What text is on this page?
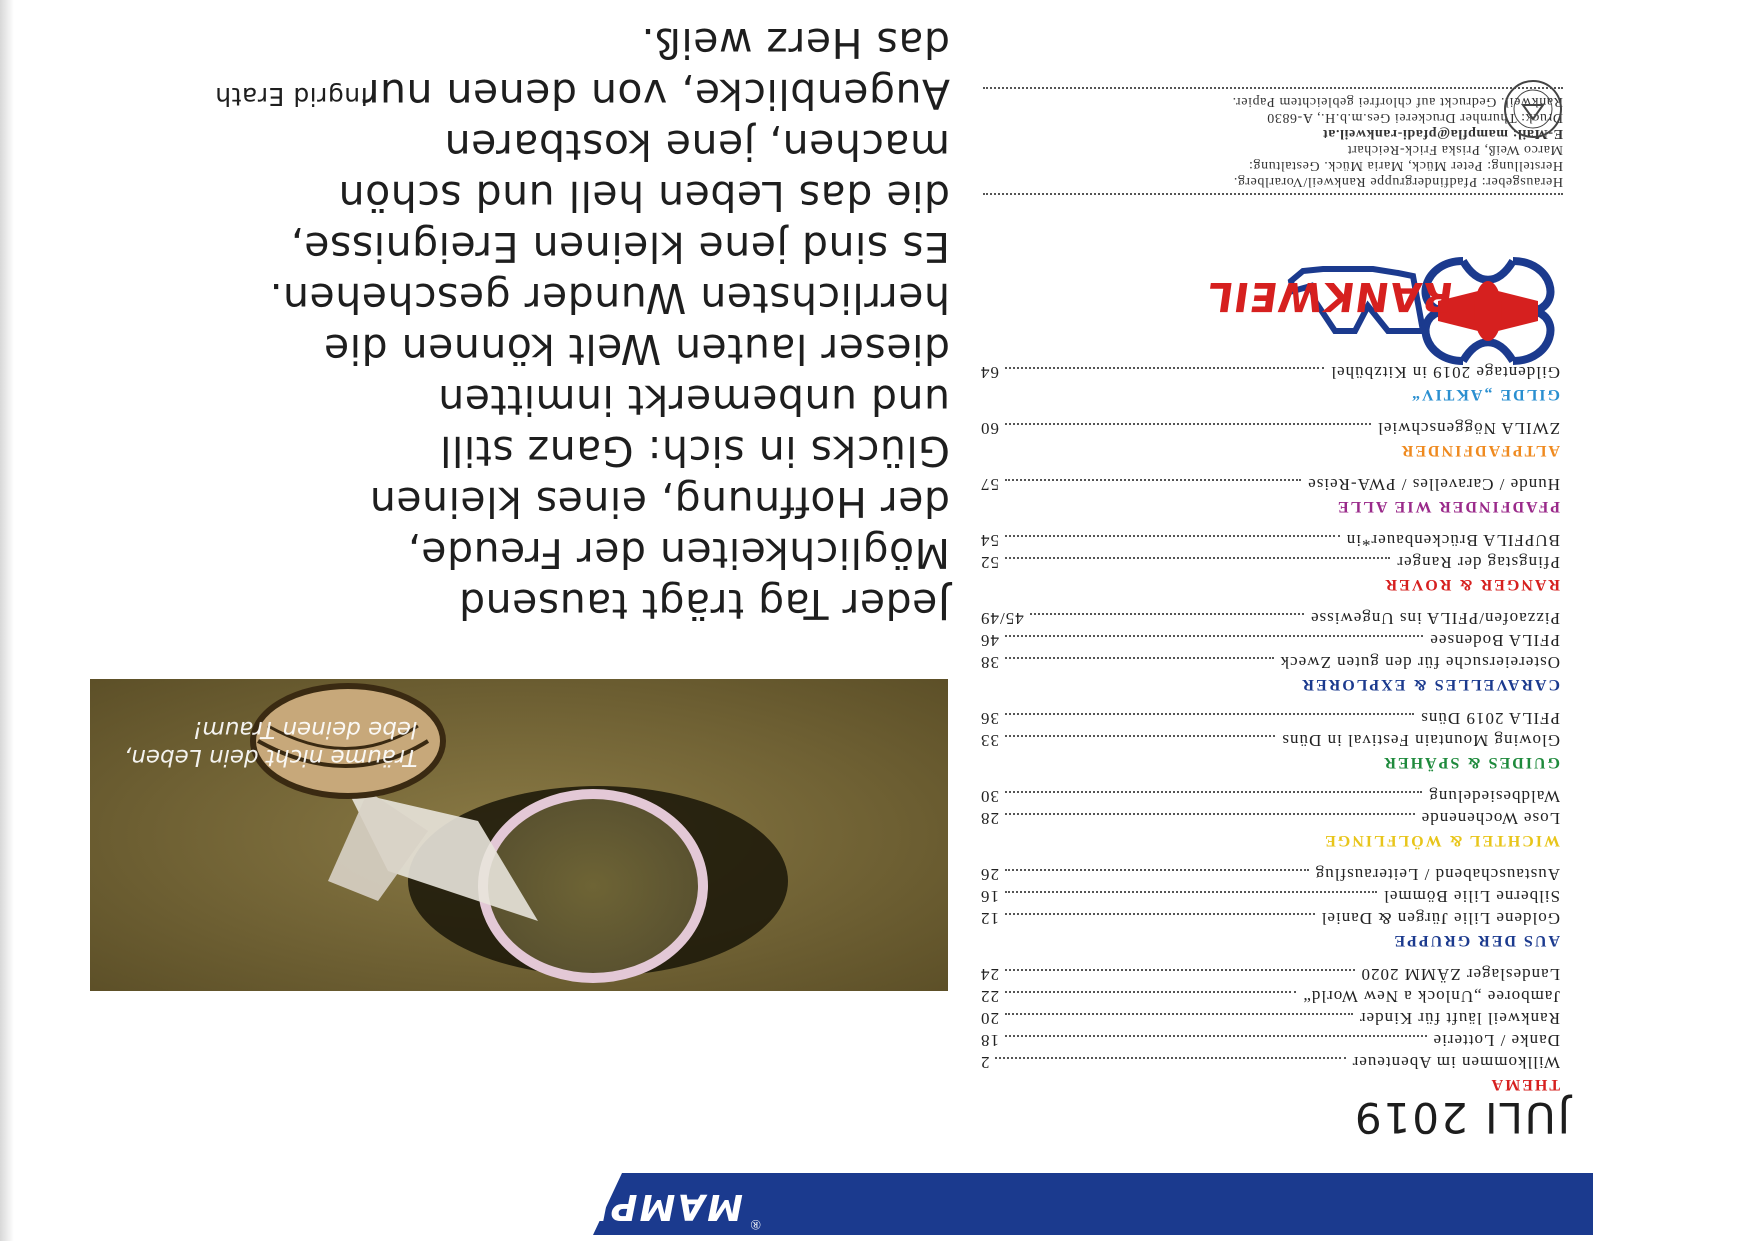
®
MAMPFLA
INHALT
JULI 2019
THEMA
Willkommen im Abenteuer
2
Danke / Lotterie
18
Rankweil läuft für Kinder
20
Jamboree „Unlock a New World“
22
Landeslager ZÄMM 2020
24
AUS DER GRUPPE
Goldene Lilie Jürgen & Daniel
12
Silberne Lilie Bömmel
16
Austauschabend / Leiterausflug
26
WICHTEL & WÖLFLINGE
Lose Wochenende
28
Waldbesiedelung
30
GUIDES & SPÄHER
Glowing Mountain Festival in Düns
33
PFILA 2019 Düns
36
CARAVELLES & EXPLORER
Ostereiersuche für den guten Zweck
38
PFILA Bodensee
46
Pizzaofen/PFILA ins Ungewisse
45/49
RANGER & ROVER
Pfingstag der Ranger
52
BUPFILA Brückenbauer*in
54
PFADFINDER WIE ALLE
Hunde / Caravelles / PWA-Reise
57
ALTPFADFINDER
ZWILA Nöggenschwiel
60
GILDE „AKTIV“
Gildentage 2019 in Kitzbühel
64
RANKWEIL
Herausgeber: Pfadfindergruppe Rankweil/Vorarlberg.
Herstellung: Peter Mück, Maria Mück. Gestaltung:
Marco Weiß, Priska Frick-Reichart
E-Mail: mampfla@pfadi-rankweil.at
Druck: Thurnher Druckerei Ges.m.b.H., A-6830
Rankweil. Gedruckt auf chlorfrei gebleichtem Papier.
Träume nicht dein Leben,
lebe deinen Traum!
Jeder Tag trägt tausend
Möglichkeiten der Freude,
der Hoffnung, eines kleinen
Glücks in sich: Ganz still
und unbemerkt inmitten
dieser lauten Welt können die
herrlichsten Wunder geschehen.
Es sind jene kleinen Ereignisse,
die das Leben hell und schön
machen, jene kostbaren
Augenblicke, von denen nur
das Herz weiß.
Ingrid Erath
